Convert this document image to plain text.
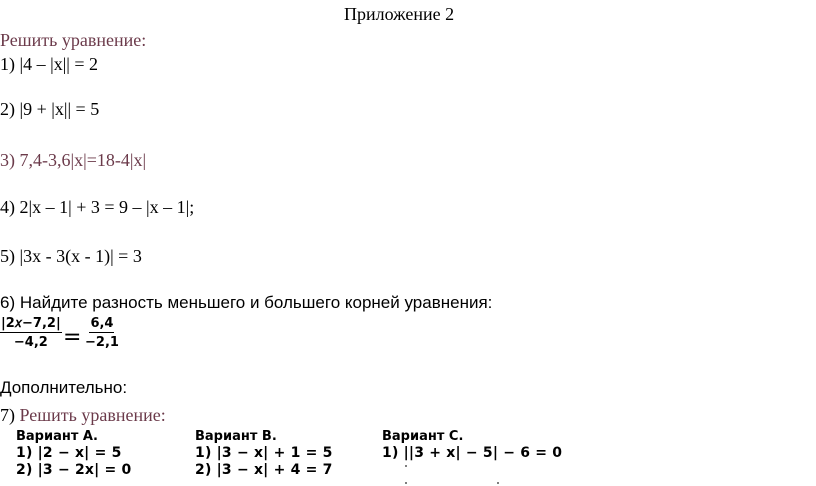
Приложение 2
Решить уравнение:
1) |4 – |x|| = 2
2) |9 + |x|| = 5
3) 7,4-3,6|x|=18-4|x|
4) 2|x – 1| + 3 = 9 – |x – 1|;
5) |3x - 3(x - 1)| = 3
6) Найдите разность меньшего и большего корней уравнения:
|2𝑥−7,2|
$-4,2 = \frac{6,4}{-2,1}$
Дополнительно:
7) Решить уравнение:
Вариант А.
1) |2 − x| = 5
2) |3 − 2x| = 0
Вариант В.
1) |3 − x| + 1 = 5
2) |3 − x| + 4 = 7
Вариант С.
1) ||3 + x| − 5| − 6 = 0
